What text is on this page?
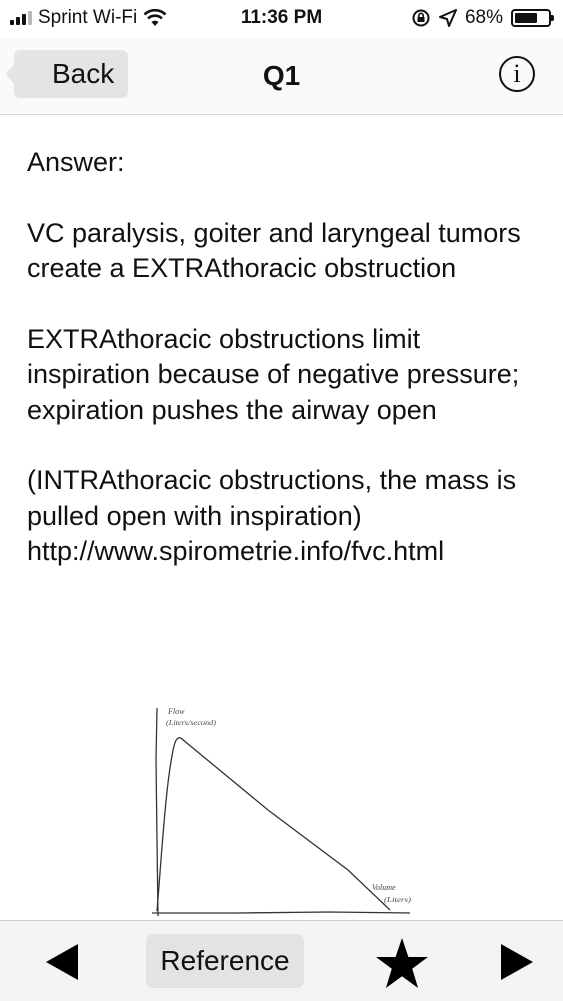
Sprint Wi-Fi	11:36 PM	68%
Back	Q1	i

Answer:

VC paralysis, goiter and laryngeal tumors create a EXTRAthoracic obstruction

EXTRAthoracic obstructions limit inspiration because of negative pressure; expiration pushes the airway open

(INTRAthoracic obstructions, the mass is pulled open with inspiration)
http://www.spirometrie.info/fvc.html

Flow
(Liters/second)
Volume
(Liters)
Reference
